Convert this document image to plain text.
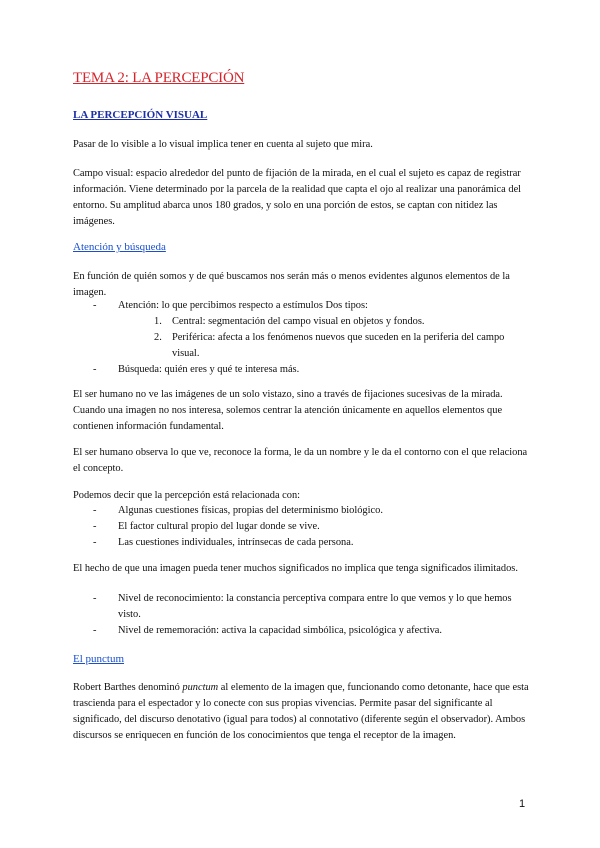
TEMA 2: LA PERCEPCIÓN
LA PERCEPCIÓN VISUAL

Pasar de lo visible a lo visual implica tener en cuenta al sujeto que mira.

Campo visual: espacio alrededor del punto de fijación de la mirada, en el cual el sujeto es capaz de registrar información. Viene determinado por la parcela de la realidad que capta el ojo al realizar una panorámica del entorno. Su amplitud abarca unos 180 grados, y solo en una porción de estos, se captan con nitidez las imágenes.

Atención y búsqueda

En función de quién somos y de qué buscamos nos serán más o menos evidentes algunos elementos de la imagen.

- Atención: lo que percibimos respecto a estímulos Dos tipos:
1. Central: segmentación del campo visual en objetos y fondos.
2. Periférica: afecta a los fenómenos nuevos que suceden en la periferia del campo visual.
- Búsqueda: quién eres y qué te interesa más.

El ser humano no ve las imágenes de un solo vistazo, sino a través de fijaciones sucesivas de la mirada. Cuando una imagen no nos interesa, solemos centrar la atención únicamente en aquellos elementos que contienen información fundamental.

El ser humano observa lo que ve, reconoce la forma, le da un nombre y le da el contorno con el que relaciona el concepto.

Podemos decir que la percepción está relacionada con:

- Algunas cuestiones físicas, propias del determinismo biológico.
- El factor cultural propio del lugar donde se vive.
- Las cuestiones individuales, intrínsecas de cada persona.

El hecho de que una imagen pueda tener muchos significados no implica que tenga significados ilimitados.

- Nivel de reconocimiento: la constancia perceptiva compara entre lo que vemos y lo que hemos visto.
- Nivel de rememoración: activa la capacidad simbólica, psicológica y afectiva.
El punctum

Robert Barthes denominó punctum al elemento de la imagen que, funcionando como detonante, hace que esta trascienda para el espectador y lo conecte con sus propias vivencias. Permite pasar del significante al significado, del discurso denotativo (igual para todos) al connotativo (diferente según el observador). Ambos discursos se enriquecen en función de los conocimientos que tenga el receptor de la imagen.

1
